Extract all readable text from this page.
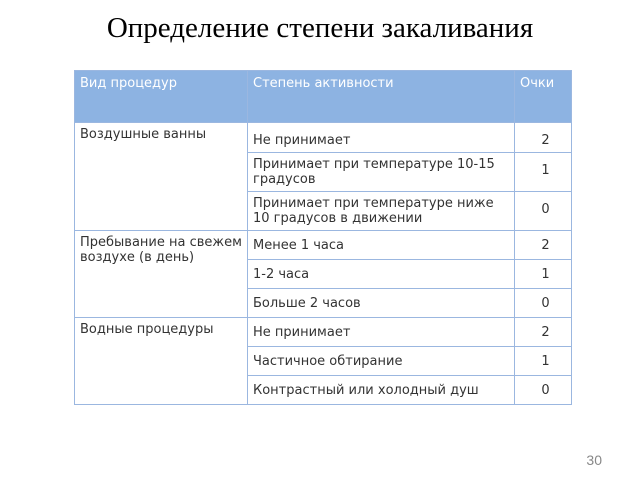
Определение степени закаливания
Вид процедур	Степень активности	Очки
Воздушные ванны	Не принимает	2
	Принимает при температуре 10-15 градусов	1
	Принимает при температуре ниже 10 градусов в движении	0
Пребывание на свежем воздухе (в день)	Менее 1 часа	2
	1-2 часа	1
	Больше 2 часов	0
Водные процедуры	Не принимает	2
	Частичное обтирание	1
	Контрастный или холодный душ	0
30
